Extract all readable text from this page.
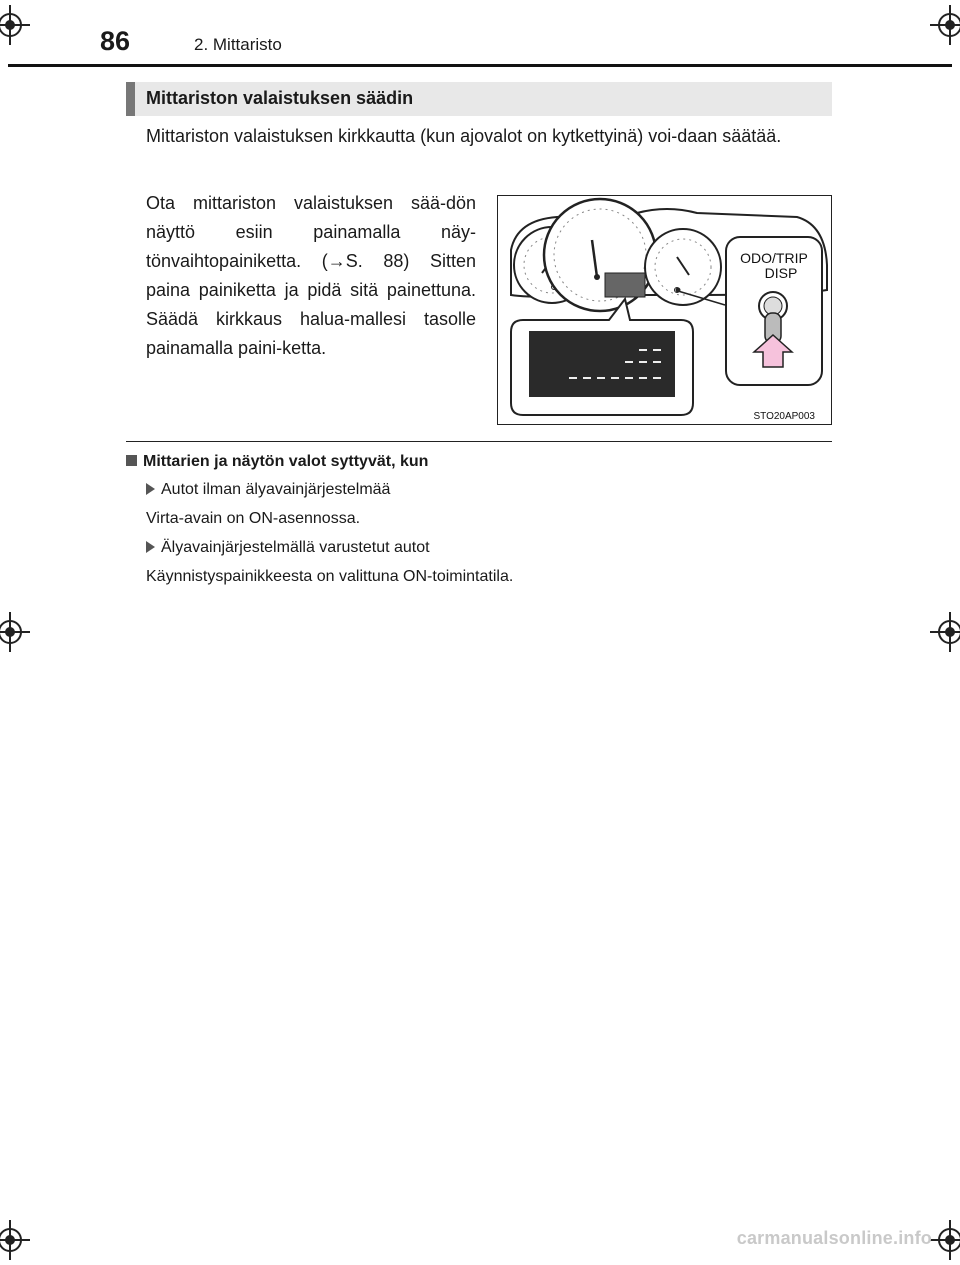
86	2. Mittaristo
Mittariston valaistuksen säädin
Mittariston valaistuksen kirkkautta (kun ajovalot on kytkettyinä) voi-daan säätää.
Ota mittariston valaistuksen sää-dön näyttö esiin painamalla näy-tönvaihtopainiketta. (→S. 88) Sitten paina painiketta ja pidä sitä painettuna. Säädä kirkkaus halua-mallesi tasolle painamalla paini-ketta.
ODO/TRIP
DISP
STO20AP003
Mittarien ja näytön valot syttyvät, kun
Autot ilman älyavainjärjestelmää
Virta-avain on ON-asennossa.
Älyavainjärjestelmällä varustetut autot
Käynnistyspainikkeesta on valittuna ON-toimintatila.
carmanualsonline.info
